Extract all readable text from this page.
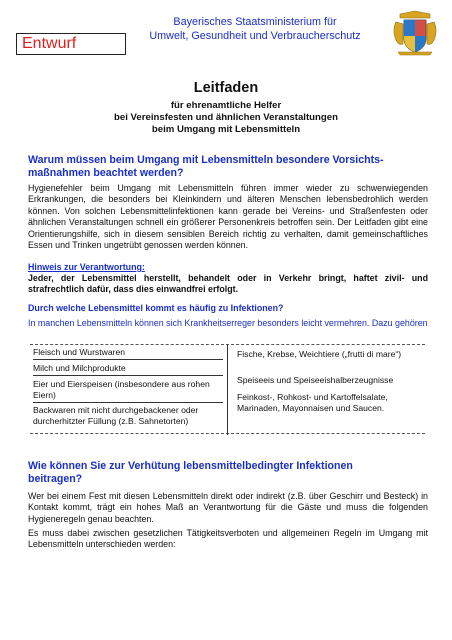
Entwurf
Bayerisches Staatsministerium für
Umwelt, Gesundheit und Verbraucherschutz
Leitfaden
für ehrenamtliche Helfer
bei Vereinsfesten und ähnlichen Veranstaltungen
beim Umgang mit Lebensmitteln
Warum müssen beim Umgang mit Lebensmitteln besondere Vorsichts-
maßnahmen beachtet werden?
Hygienefehler beim Umgang mit Lebensmitteln führen immer wieder zu schwerwiegenden Erkrankungen, die besonders bei Kleinkindern und älteren Menschen lebensbedrohlich werden können. Von solchen Lebensmittelinfektionen kann gerade bei Vereins- und Straßenfesten oder ähnlichen Veranstaltungen schnell ein größerer Personenkreis betroffen sein. Der Leitfaden gibt eine Orientierungshilfe, sich in diesem sensiblen Bereich richtig zu verhalten, damit gemeinschaftliches Essen und Trinken ungetrübt genossen werden können.
Hinweis zur Verantwortung:
Jeder, der Lebensmittel herstellt, behandelt oder in Verkehr bringt, haftet zivil- und strafrechtlich dafür, dass dies einwandfrei erfolgt.
Durch welche Lebensmittel kommt es häufig zu Infektionen?
In manchen Lebensmitteln können sich Krankheitserreger besonders leicht vermehren. Dazu gehören
Fleisch und Wurstwaren
Milch und Milchprodukte
Eier und Eierspeisen (insbesondere aus rohen Eiern)
Backwaren mit nicht durchgebackener oder durcherhitzter Füllung (z.B. Sahnetorten)
Fische, Krebse, Weichtiere („frutti di mare“)
Speiseeis und Speiseeishalberzeugnisse
Feinkost-, Rohkost- und Kartoffelsalate, Marinaden, Mayonnaisen und Saucen.
Wie können Sie zur Verhütung lebensmittelbedingter Infektionen
beitragen?
Wer bei einem Fest mit diesen Lebensmitteln direkt oder indirekt (z.B. über Geschirr und Besteck) in Kontakt kommt, trägt ein hohes Maß an Verantwortung für die Gäste und muss die folgenden Hygieneregeln genau beachten.
Es muss dabei zwischen gesetzlichen Tätigkeitsverboten und allgemeinen Regeln im Umgang mit Lebensmitteln unterschieden werden:
